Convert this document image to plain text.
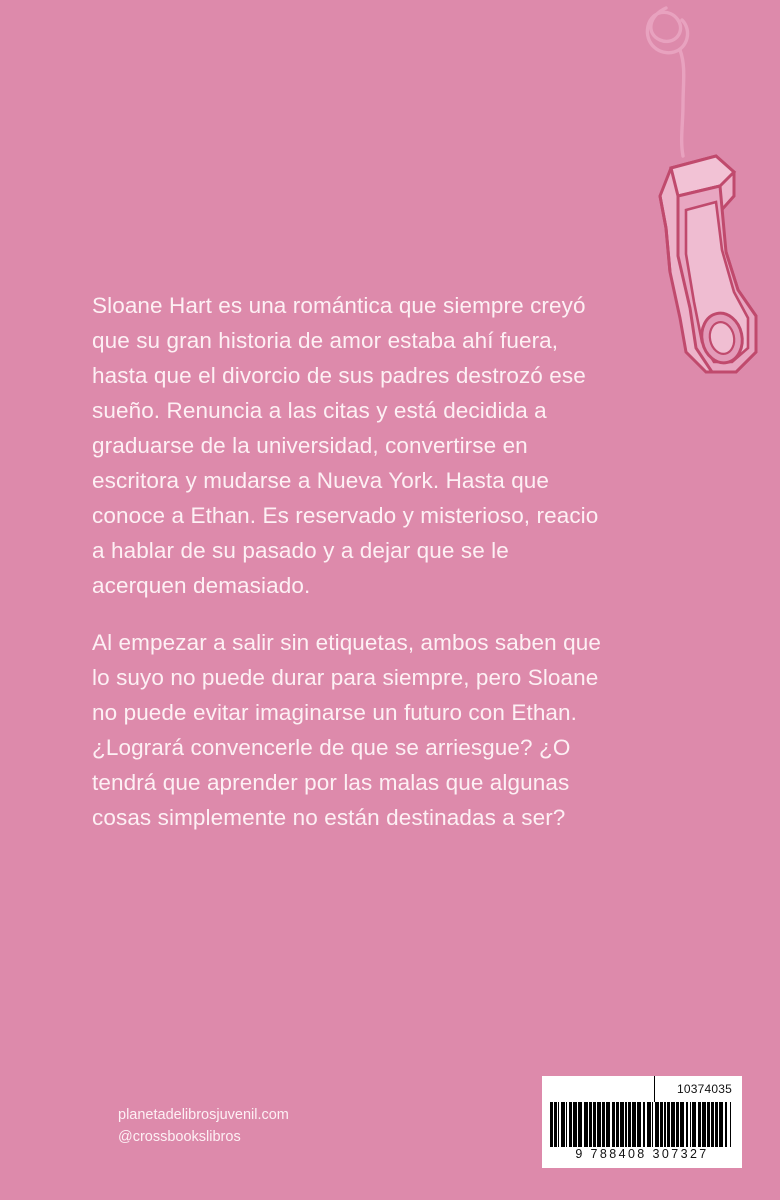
Sloane Hart es una romántica que siempre creyó que su gran historia de amor estaba ahí fuera, hasta que el divorcio de sus padres destrozó ese sueño. Renuncia a las citas y está decidida a graduarse de la universidad, convertirse en escritora y mudarse a Nueva York. Hasta que conoce a Ethan. Es reservado y misterioso, reacio a hablar de su pasado y a dejar que se le acerquen demasiado.

Al empezar a salir sin etiquetas, ambos saben que lo suyo no puede durar para siempre, pero Sloane no puede evitar imaginarse un futuro con Ethan. ¿Logrará convencerle de que se arriesgue? ¿O tendrá que aprender por las malas que algunas cosas simplemente no están destinadas a ser?

planetadelibrosjuvenil.com
@crossbookslibros
10374035
9 788408 307327
